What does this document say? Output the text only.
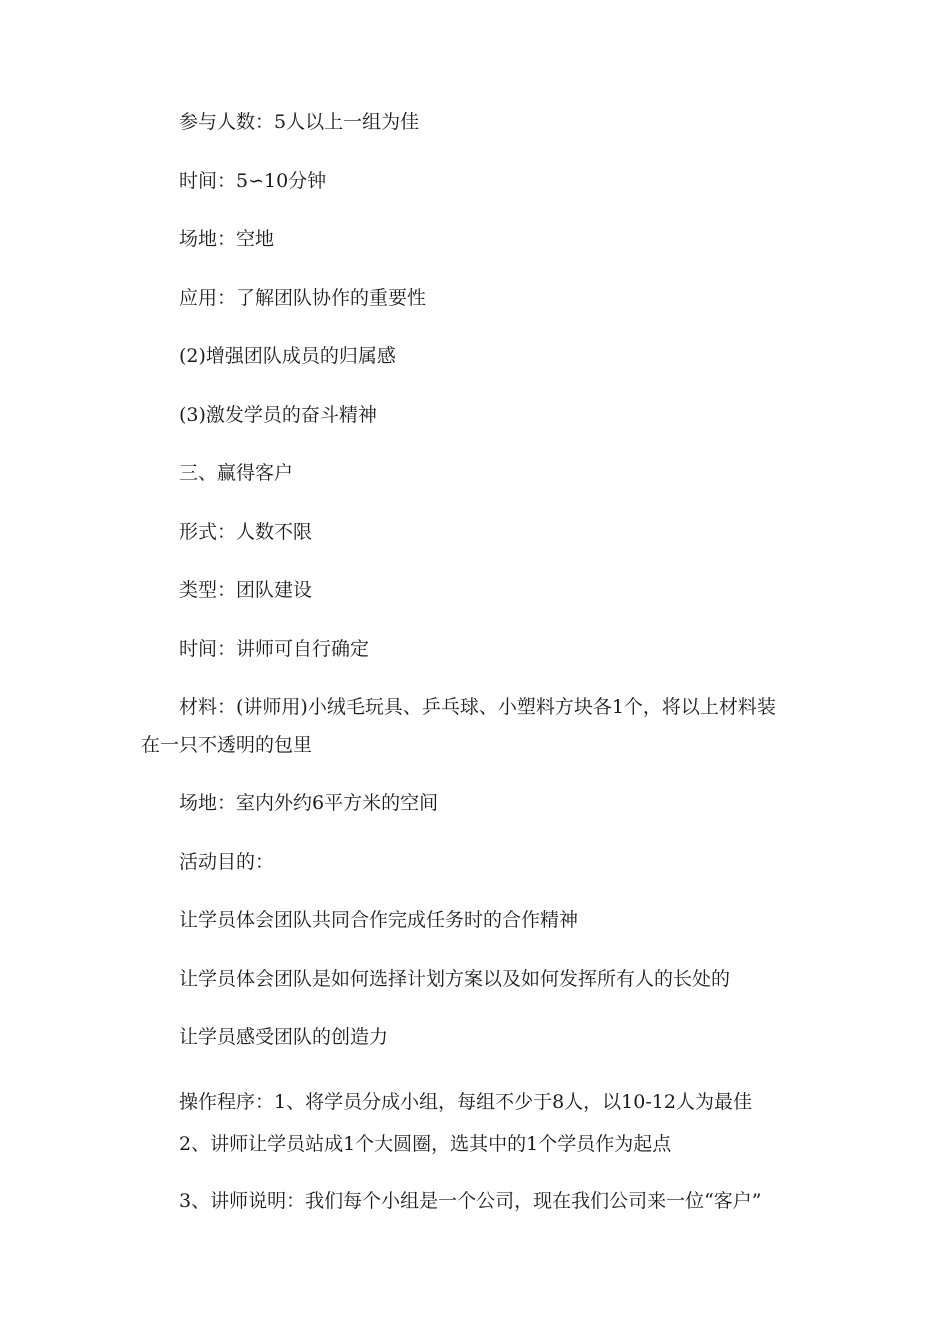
参与人数：5人以上一组为佳
时间：5∽10分钟
场地：空地
应用：了解团队协作的重要性
(2)增强团队成员的归属感
(3)激发学员的奋斗精神
三、赢得客户
形式：人数不限
类型：团队建设
时间：讲师可自行确定
材料：(讲师用)小绒毛玩具、乒乓球、小塑料方块各1个，将以上材料装
在一只不透明的包里
场地：室内外约6平方米的空间
活动目的：
让学员体会团队共同合作完成任务时的合作精神
让学员体会团队是如何选择计划方案以及如何发挥所有人的长处的
让学员感受团队的创造力
操作程序：1、将学员分成小组，每组不少于8人，以10-12人为最佳
2、讲师让学员站成1个大圆圈，选其中的1个学员作为起点
3、讲师说明：我们每个小组是一个公司，现在我们公司来一位“客户”
